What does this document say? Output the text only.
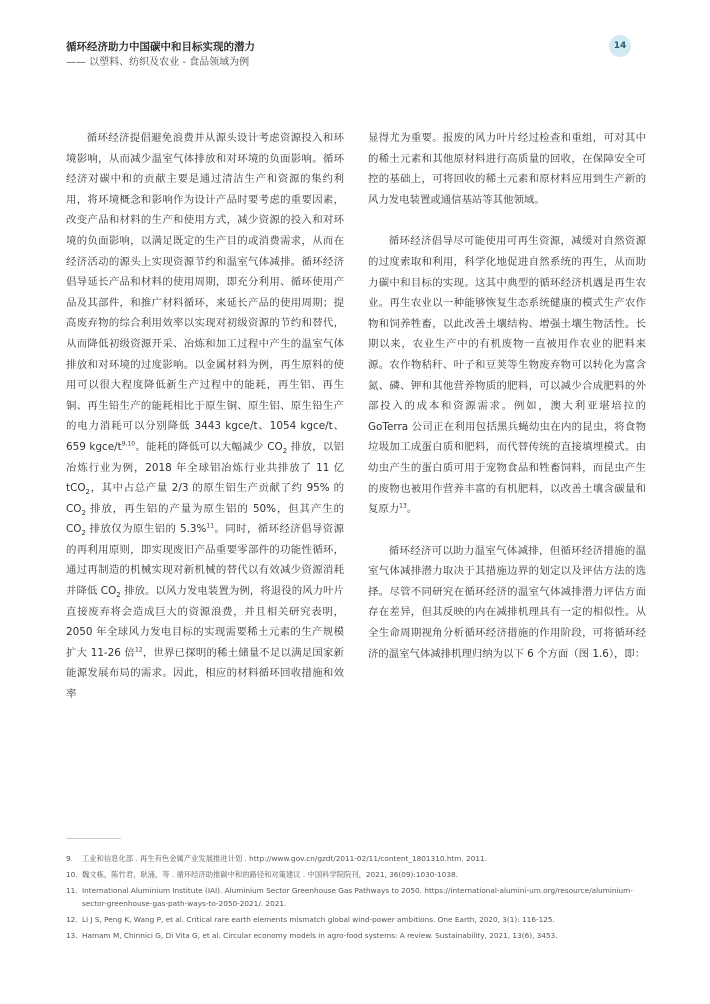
循环经济助力中国碳中和目标实现的潜力
—— 以塑料、纺织及农业 - 食品领域为例
14

循环经济提倡避免浪费并从源头设计考虑资源投入和环境影响，从而减少温室气体排放和对环境的负面影响。循环经济对碳中和的贡献主要是通过清洁生产和资源的集约利用，将环境概念和影响作为设计产品时要考虑的重要因素，改变产品和材料的生产和使用方式，减少资源的投入和对环境的负面影响，以满足既定的生产目的或消费需求，从而在经济活动的源头上实现资源节约和温室气体减排。循环经济倡导延长产品和材料的使用周期，即充分利用、循环使用产品及其部件，和推广材料循环，来延长产品的使用周期；提高废弃物的综合利用效率以实现对初级资源的节约和替代，从而降低初级资源开采、冶炼和加工过程中产生的温室气体排放和对环境的过度影响。以金属材料为例，再生原料的使用可以很大程度降低新生产过程中的能耗，再生铝、再生铜、再生铅生产的能耗相比于原生铜、原生铝、原生铅生产的电力消耗可以分别降低 3443 kgce/t、1054 kgce/t、659 kgce/$t^{9,10}$。能耗的降低可以大幅减少 $CO_2$ 排放，以铝冶炼行业为例，2018 年全球铝冶炼行业共排放了 11 亿 tCO$_2$，其中占总产量 2/3 的原生铝生产贡献了约 95% 的 $CO_2$ 排放，再生铝的产量为原生铝的 50%，但其产生的 $CO_2$ 排放仅为原生铝的 5.3%$^{11}$。同时，循环经济倡导资源的再利用原则，即实现废旧产品重要零部件的功能性循环，通过再制造的机械实现对新机械的替代以有效减少资源消耗并降低 $CO_2$ 排放。以风力发电装置为例，将退役的风力叶片直接废弃将会造成巨大的资源浪费，并且相关研究表明，2050 年全球风力发电目标的实现需要稀土元素的生产规模扩大 11-26 倍$^{12}$，世界已探明的稀土储量不足以满足国家新能源发展布局的需求。因此，相应的材料循环回收措施和效率

显得尤为重要。报废的风力叶片经过检查和重组，可对其中的稀土元素和其他原材料进行高质量的回收，在保障安全可控的基础上，可将回收的稀土元素和原材料应用到生产新的风力发电装置或通信基站等其他领域。

循环经济倡导尽可能使用可再生资源，减缓对自然资源的过度索取和利用，科学化地促进自然系统的再生，从而助力碳中和目标的实现。这其中典型的循环经济机遇是再生农业。再生农业以一种能够恢复生态系统健康的模式生产农作物和饲养牲畜，以此改善土壤结构、增强土壤生物活性。长期以来，农业生产中的有机废物一直被用作农业的肥料来源。农作物秸秆、叶子和豆荚等生物废弃物可以转化为富含氮、磷、钾和其他营养物质的肥料，可以减少合成肥料的外部投入的成本和资源需求。例如，澳大利亚堪培拉的 GoTerra 公司正在利用包括黑兵蝇幼虫在内的昆虫，将食物垃圾加工成蛋白质和肥料，而代替传统的直接填埋模式。由幼虫产生的蛋白质可用于宠物食品和牲畜饲料，而昆虫产生的废物也被用作营养丰富的有机肥料，以改善土壤含碳量和复原力$^{13}$。

循环经济可以助力温室气体减排，但循环经济措施的温室气体减排潜力取决于其措施边界的划定以及评估方法的选择。尽管不同研究在循环经济的温室气体减排潜力评估方面存在差异，但其反映的内在减排机理具有一定的相似性。从全生命周期视角分析循环经济措施的作用阶段，可将循环经济的温室气体减排机理归纳为以下 6 个方面（图 1.6），即：

9.	工业和信息化部 . 再生有色金属产业发展推进计划 . http://www.gov.cn/gzdt/2011-02/11/content_1801310.htm. 2011.
10. 魏文栋，陈竹君，耿涌，等 . 循环经济助推碳中和的路径和对策建议 . 中国科学院院刊，2021, 36(09):1030-1038.
11. International Aluminium Institute (IAI). Aluminium Sector Greenhouse Gas Pathways to 2050. https://international-alumini-um.org/resource/aluminium-sector-greenhouse-gas-path-ways-to-2050-2021/. 2021.
12. Li J S, Peng K, Wang P, et al. Critical rare earth elements mismatch global wind-power ambitions. One Earth, 2020, 3(1): 116-125.
13. Hamam M, Chinnici G, Di Vita G, et al. Circular economy models in agro-food systems: A review. Sustainability, 2021, 13(6), 3453.
